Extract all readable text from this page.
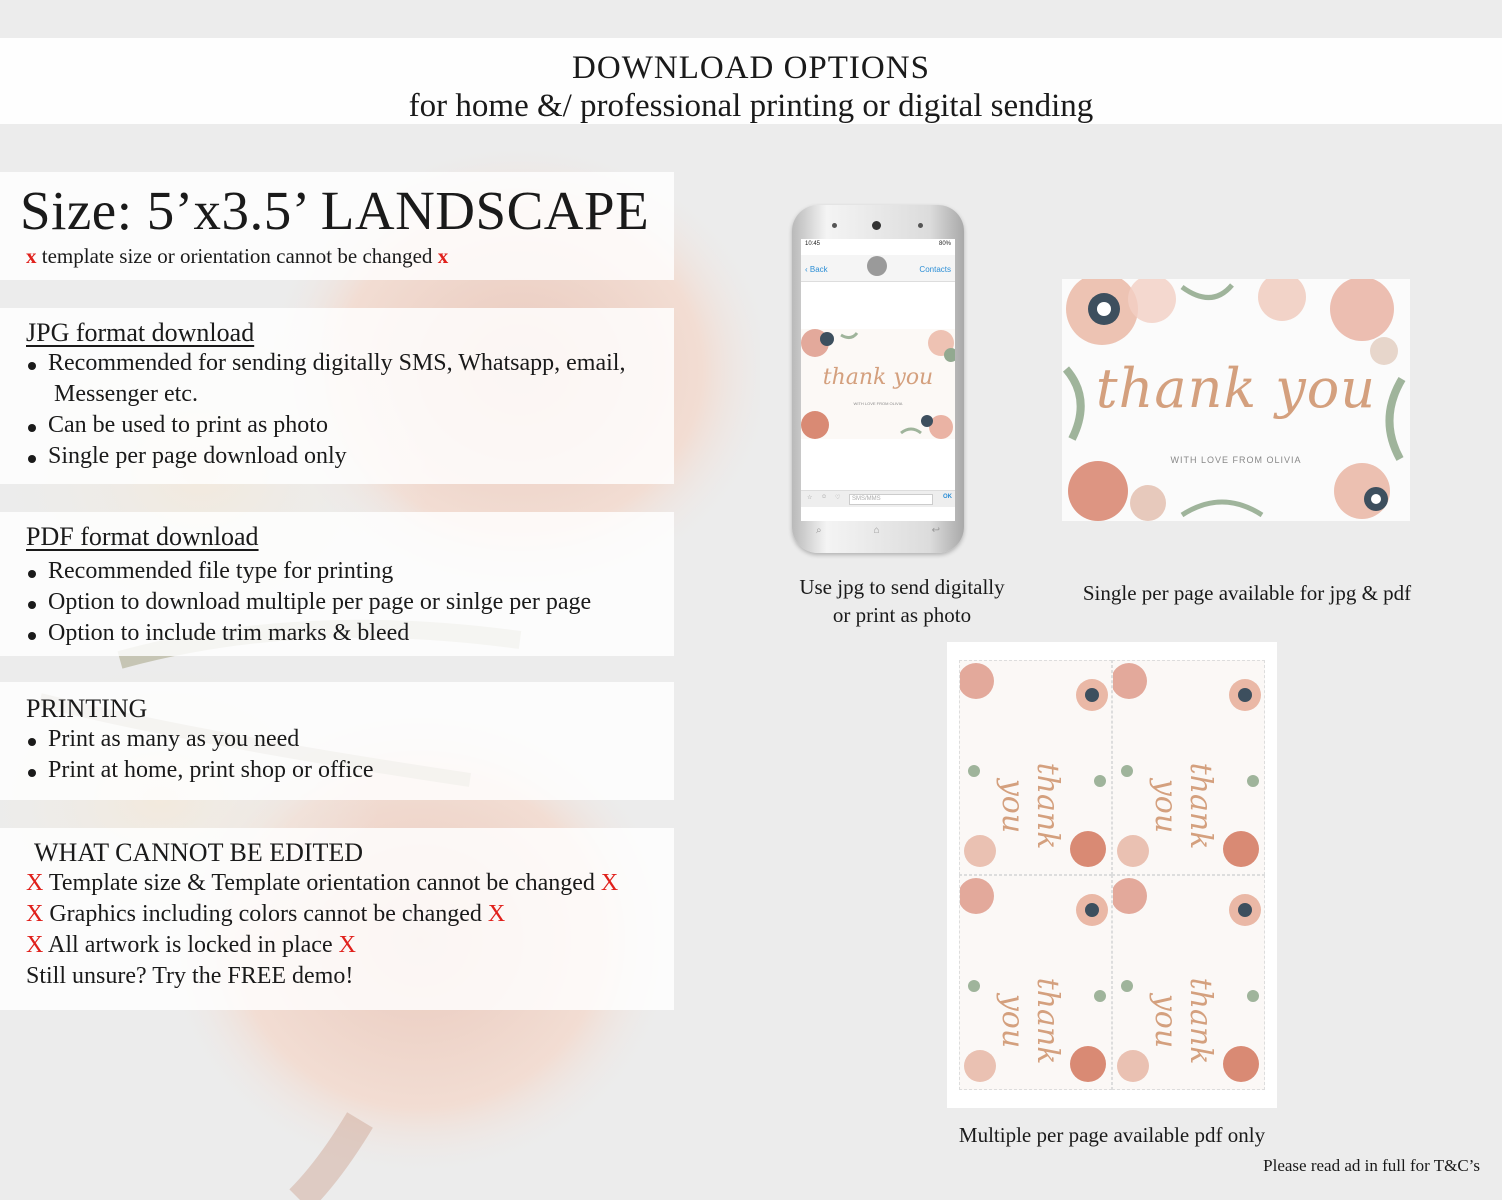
DOWNLOAD OPTIONS
for home &/ professional printing or digital sending
Size: 5’x3.5’ LANDSCAPE
x template size or orientation cannot be changed x
JPG format download
Recommended for sending digitally SMS, Whatsapp, email,
Messenger etc.
Can be used to print as photo
Single per page download only
PDF format download
Recommended file type for printing
Option to download multiple per page or sinlge per page
Option to include trim marks & bleed
PRINTING
Print as many as you need
Print at home, print shop or office
WHAT CANNOT BE EDITED
X Template size & Template orientation cannot be changed X
X Graphics including colors cannot be changed X
X All artwork is locked in place X
Still unsure? Try the FREE demo!
10:45	80%
‹ Back	Contacts
thank you
WITH LOVE FROM OLIVIA
☆ ☺ ♡	SMS/MMS	OK
⌕	⌂	↩
Use jpg to send digitally
or print as photo
thank you
WITH LOVE FROM OLIVIA
Single per page available for jpg & pdf
thank you	thank you
thank you	thank you
Multiple per page available pdf only
Please read ad in full for T&C’s
